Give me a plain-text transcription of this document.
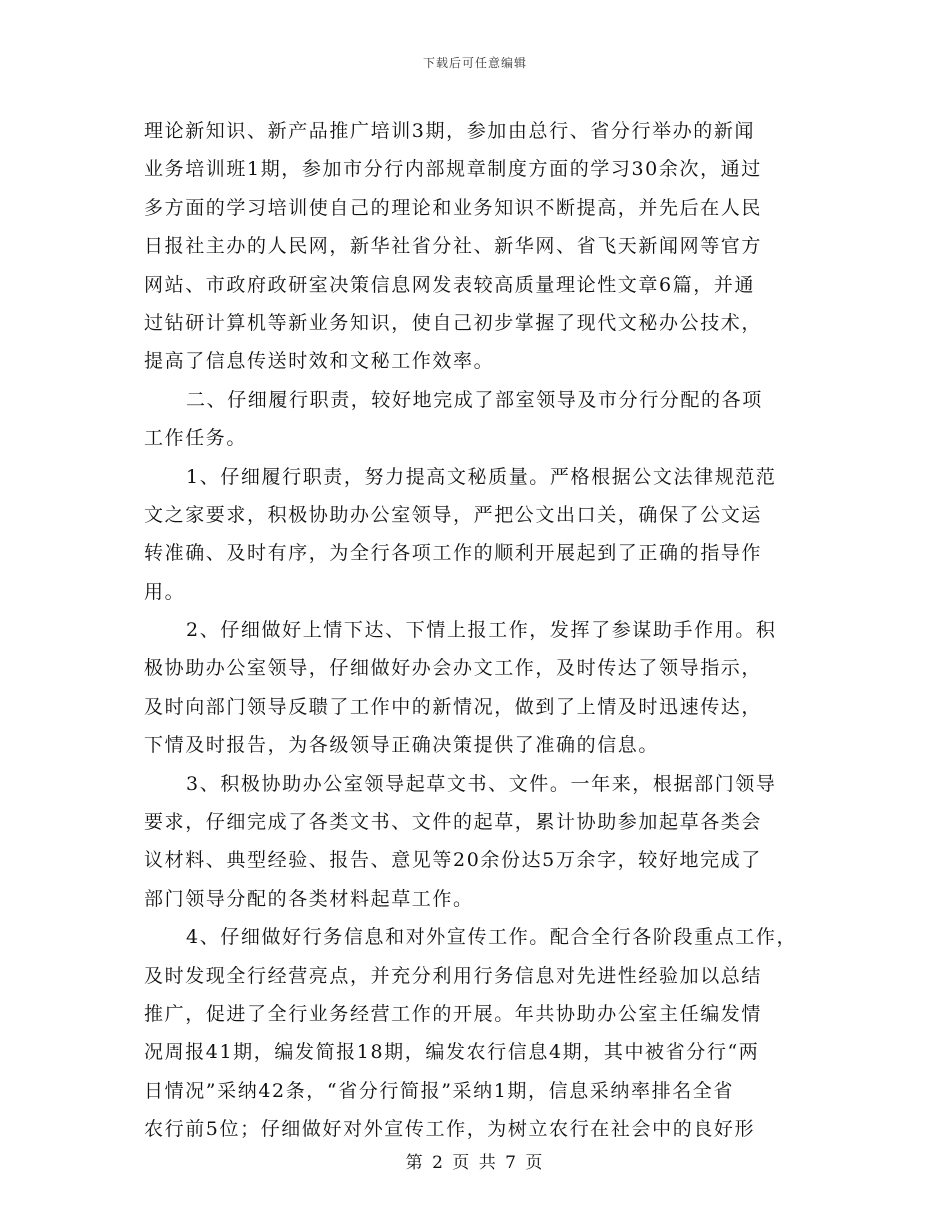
下载后可任意编辑
理论新知识、新产品推广培训3期，参加由总行、省分行举办的新闻
业务培训班1期，参加市分行内部规章制度方面的学习30余次，通过
多方面的学习培训使自己的理论和业务知识不断提高，并先后在人民
日报社主办的人民网，新华社省分社、新华网、省飞天新闻网等官方
网站、市政府政研室决策信息网发表较高质量理论性文章6篇，并通
过钻研计算机等新业务知识，使自己初步掌握了现代文秘办公技术，
提高了信息传送时效和文秘工作效率。
二、仔细履行职责，较好地完成了部室领导及市分行分配的各项
工作任务。
1、仔细履行职责，努力提高文秘质量。严格根据公文法律规范范
文之家要求，积极协助办公室领导，严把公文出口关，确保了公文运
转准确、及时有序，为全行各项工作的顺利开展起到了正确的指导作
用。
2、仔细做好上情下达、下情上报工作，发挥了参谋助手作用。积
极协助办公室领导，仔细做好办会办文工作，及时传达了领导指示，
及时向部门领导反聩了工作中的新情况，做到了上情及时迅速传达，
下情及时报告，为各级领导正确决策提供了准确的信息。
3、积极协助办公室领导起草文书、文件。一年来，根据部门领导
要求，仔细完成了各类文书、文件的起草，累计协助参加起草各类会
议材料、典型经验、报告、意见等20余份达5万余字，较好地完成了
部门领导分配的各类材料起草工作。
4、仔细做好行务信息和对外宣传工作。配合全行各阶段重点工作，
及时发现全行经营亮点，并充分利用行务信息对先进性经验加以总结
推广，促进了全行业务经营工作的开展。年共协助办公室主任编发情
况周报41期，编发简报18期，编发农行信息4期，其中被省分行“两
日情况”采纳42条，“省分行简报”采纳1期，信息采纳率排名全省
农行前5位；仔细做好对外宣传工作，为树立农行在社会中的良好形
第 2 页 共 7 页
